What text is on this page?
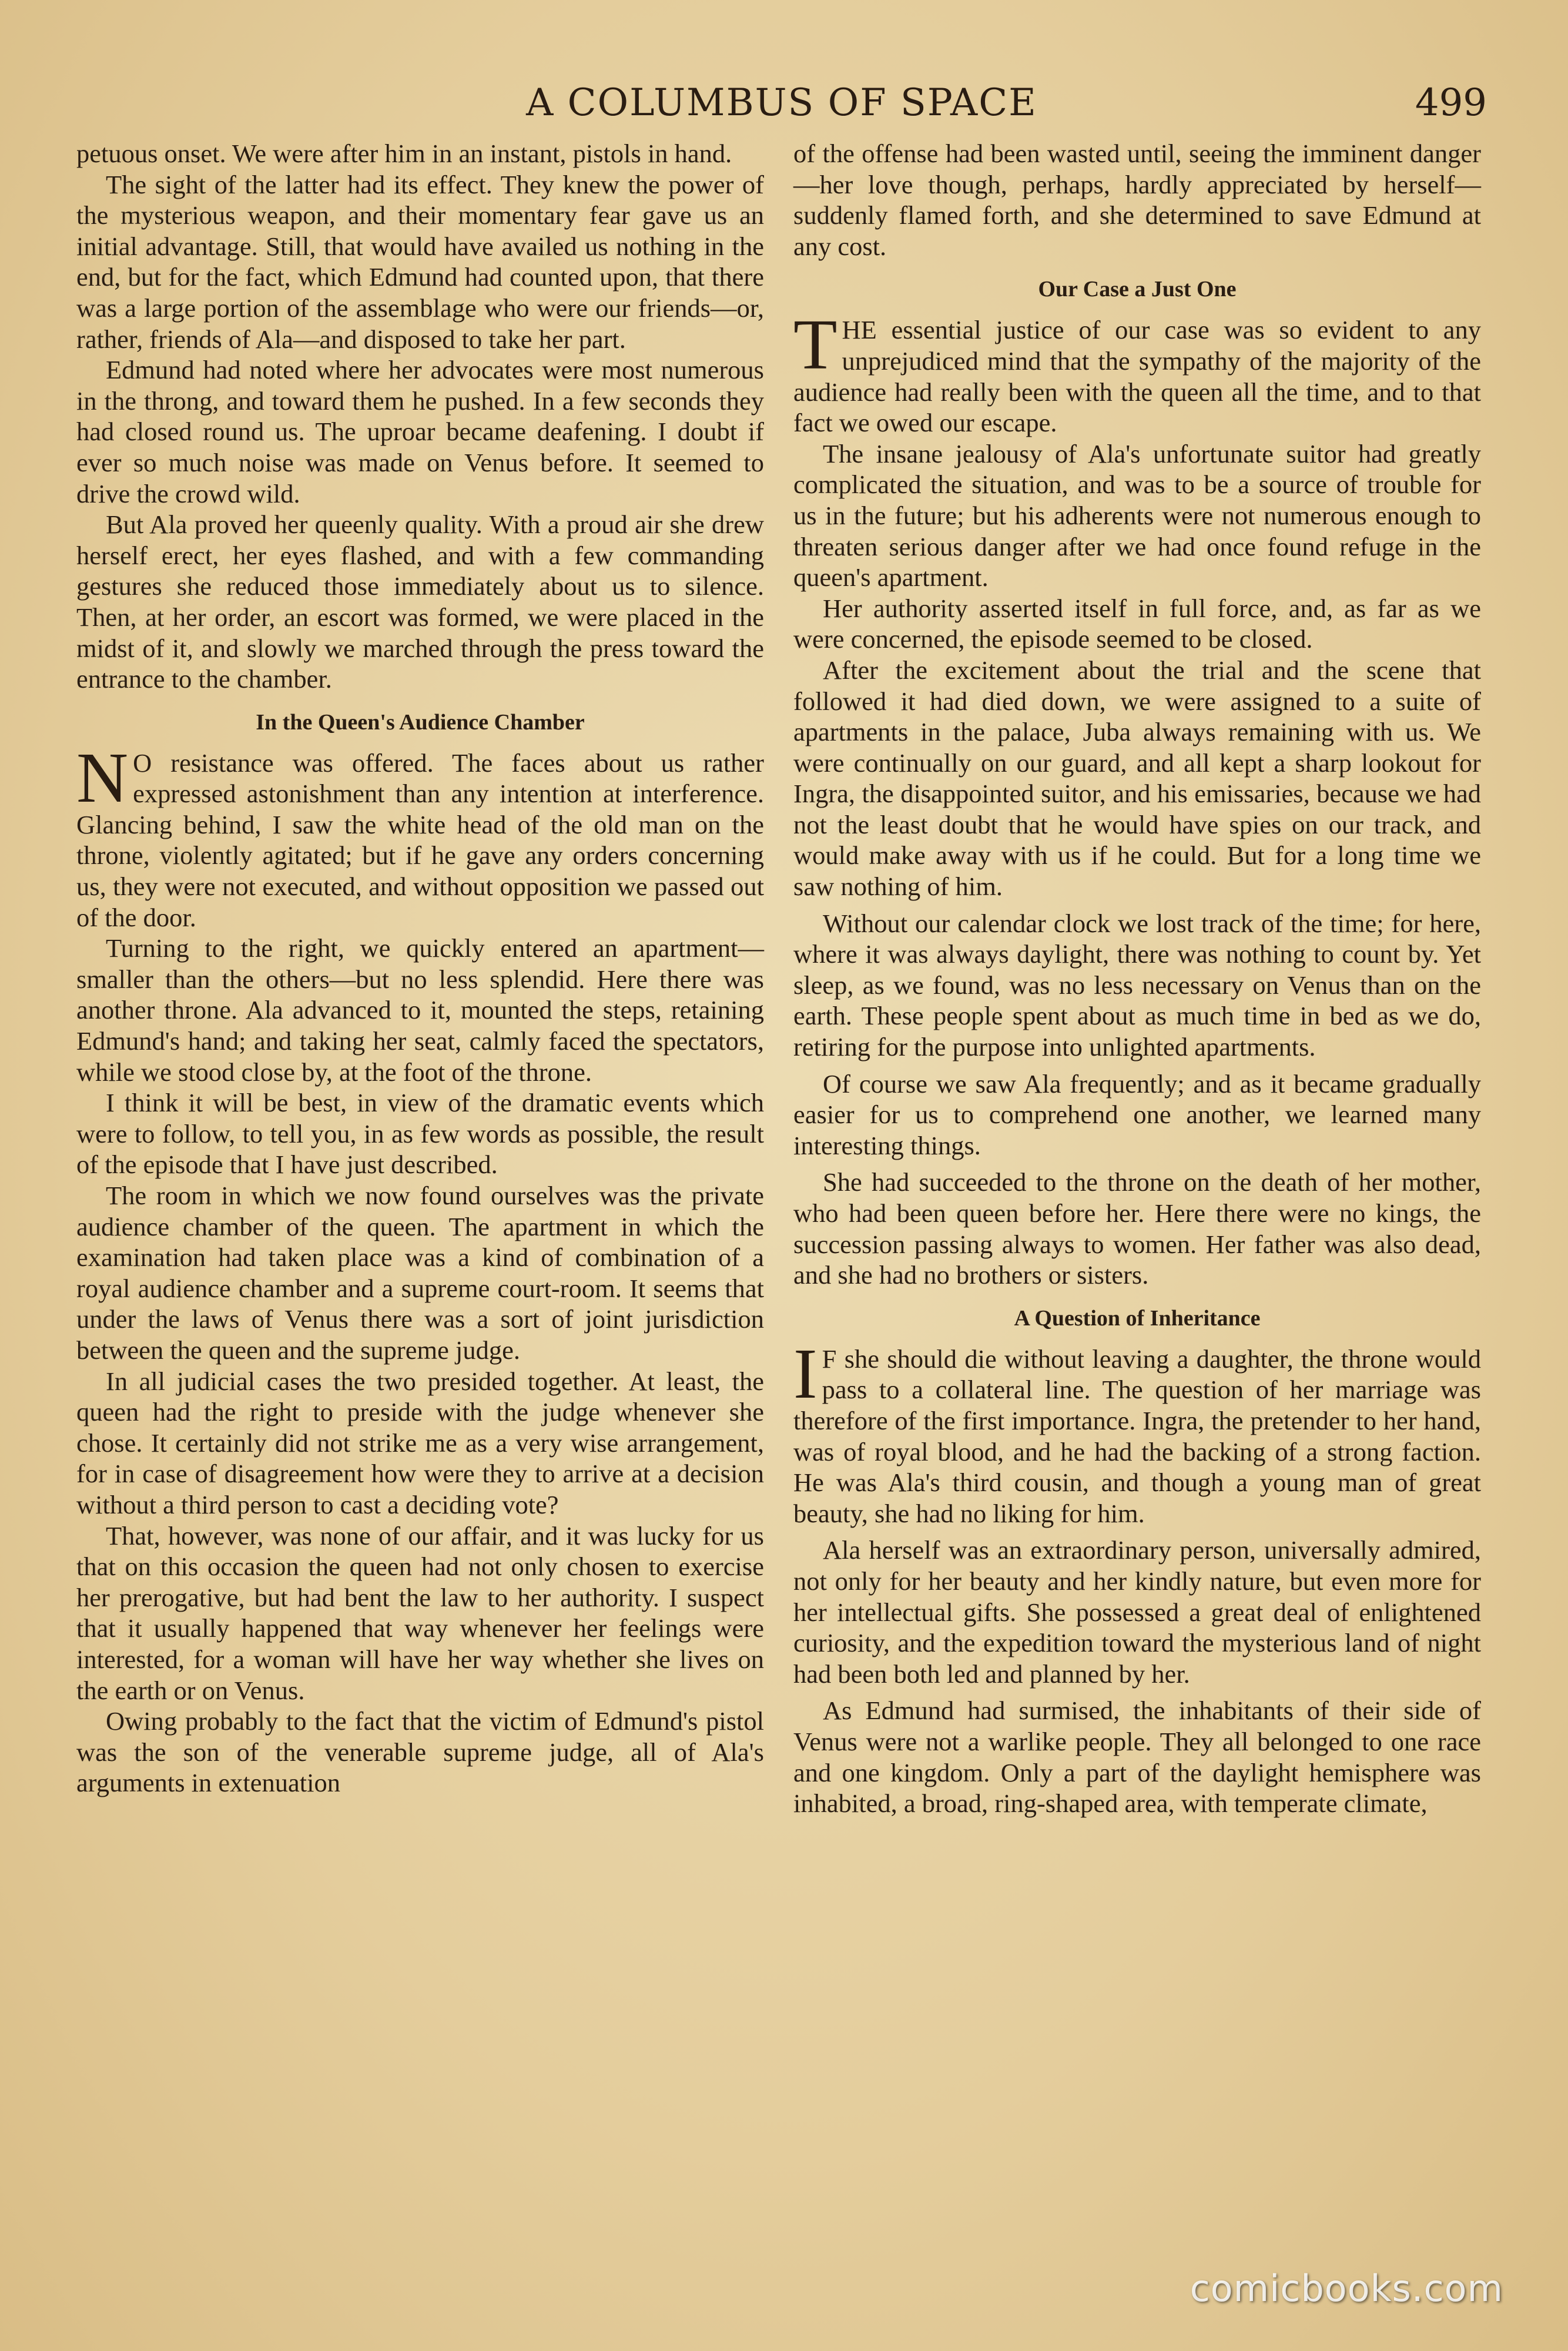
A COLUMBUS OF SPACE	499

petuous onset. We were after him in an instant, pistols in hand.

The sight of the latter had its effect. They knew the power of the mysterious weapon, and their momentary fear gave us an initial advantage. Still, that would have availed us nothing in the end, but for the fact, which Edmund had counted upon, that there was a large portion of the assemblage who were our friends—or, rather, friends of Ala—and disposed to take her part.

Edmund had noted where her advocates were most numerous in the throng, and toward them he pushed. In a few seconds they had closed round us. The uproar became deafening. I doubt if ever so much noise was made on Venus before. It seemed to drive the crowd wild.

But Ala proved her queenly quality. With a proud air she drew herself erect, her eyes flashed, and with a few commanding gestures she reduced those immediately about us to silence. Then, at her order, an escort was formed, we were placed in the midst of it, and slowly we marched through the press toward the entrance to the chamber.

In the Queen's Audience Chamber

N O resistance was offered. The faces about us rather expressed astonishment than any intention at interference. Glancing behind, I saw the white head of the old man on the throne, violently agitated; but if he gave any orders concerning us, they were not executed, and without opposition we passed out of the door.

Turning to the right, we quickly entered an apartment—smaller than the others—but no less splendid. Here there was another throne. Ala advanced to it, mounted the steps, retaining Edmund's hand; and taking her seat, calmly faced the spectators, while we stood close by, at the foot of the throne.

I think it will be best, in view of the dramatic events which were to follow, to tell you, in as few words as possible, the result of the episode that I have just described.

The room in which we now found ourselves was the private audience chamber of the queen. The apartment in which the examination had taken place was a kind of combination of a royal audience chamber and a supreme court-room. It seems that under the laws of Venus there was a sort of joint jurisdiction between the queen and the supreme judge.

In all judicial cases the two presided together. At least, the queen had the right to preside with the judge whenever she chose. It certainly did not strike me as a very wise arrangement, for in case of disagreement how were they to arrive at a decision without a third person to cast a deciding vote?

That, however, was none of our affair, and it was lucky for us that on this occasion the queen had not only chosen to exercise her prerogative, but had bent the law to her authority. I suspect that it usually happened that way whenever her feelings were interested, for a woman will have her way whether she lives on the earth or on Venus.

Owing probably to the fact that the victim of Edmund's pistol was the son of the venerable supreme judge, all of Ala's arguments in extenuation

of the offense had been wasted until, seeing the imminent danger—her love though, perhaps, hardly appreciated by herself—suddenly flamed forth, and she determined to save Edmund at any cost.

Our Case a Just One

THE essential justice of our case was so evident to any unprejudiced mind that the sympathy of the majority of the audience had really been with the queen all the time, and to that fact we owed our escape.

The insane jealousy of Ala's unfortunate suitor had greatly complicated the situation, and was to be a source of trouble for us in the future; but his adherents were not numerous enough to threaten serious danger after we had once found refuge in the queen's apartment.

Her authority asserted itself in full force, and, as far as we were concerned, the episode seemed to be closed.

After the excitement about the trial and the scene that followed it had died down, we were assigned to a suite of apartments in the palace, Juba always remaining with us. We were continually on our guard, and all kept a sharp lookout for Ingra, the disappointed suitor, and his emissaries, because we had not the least doubt that he would have spies on our track, and would make away with us if he could. But for a long time we saw nothing of him.

Without our calendar clock we lost track of the time; for here, where it was always daylight, there was nothing to count by. Yet sleep, as we found, was no less necessary on Venus than on the earth. These people spent about as much time in bed as we do, retiring for the purpose into unlighted apartments.

Of course we saw Ala frequently; and as it became gradually easier for us to comprehend one another, we learned many interesting things.

She had succeeded to the throne on the death of her mother, who had been queen before her. Here there were no kings, the succession passing always to women. Her father was also dead, and she had no brothers or sisters.

A Question of Inheritance

I F she should die without leaving a daughter, the throne would pass to a collateral line. The question of her marriage was therefore of the first importance. Ingra, the pretender to her hand, was of royal blood, and he had the backing of a strong faction. He was Ala's third cousin, and though a young man of great beauty, she had no liking for him.

Ala herself was an extraordinary person, universally admired, not only for her beauty and her kindly nature, but even more for her intellectual gifts. She possessed a great deal of enlightened curiosity, and the expedition toward the mysterious land of night had been both led and planned by her.

As Edmund had surmised, the inhabitants of their side of Venus were not a warlike people. They all belonged to one race and one kingdom. Only a part of the daylight hemisphere was inhabited, a broad, ring-shaped area, with temperate climate,

comicbooks.com
